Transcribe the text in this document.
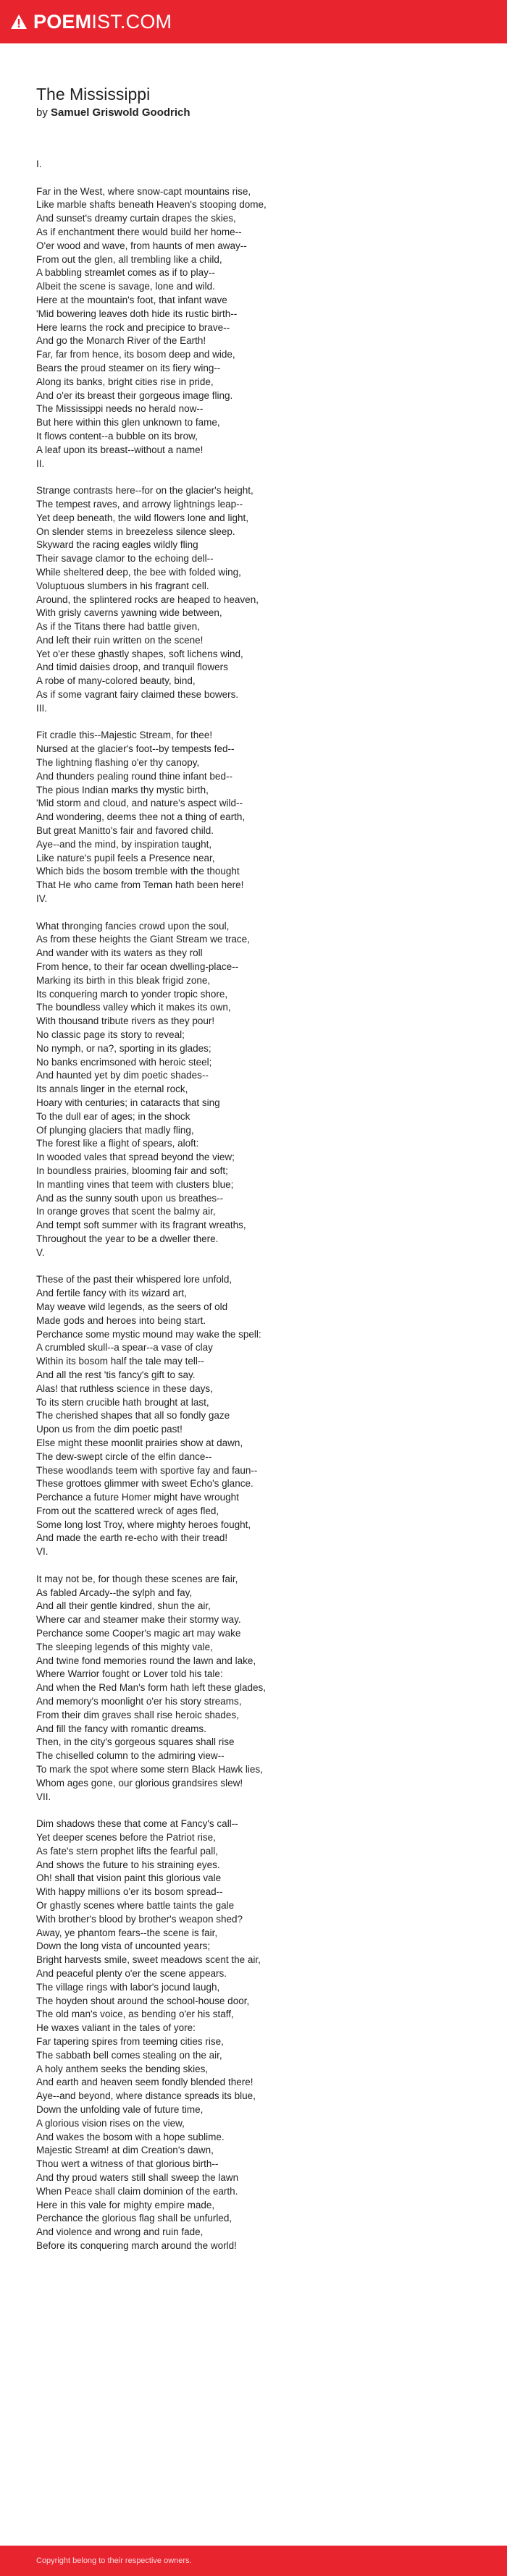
POEMIST.COM
The Mississippi
by Samuel Griswold Goodrich
I.
Far in the West, where snow-capt mountains rise,
Like marble shafts beneath Heaven's stooping dome,
And sunset's dreamy curtain drapes the skies,
As if enchantment there would build her home--
O'er wood and wave, from haunts of men away--
From out the glen, all trembling like a child,
A babbling streamlet comes as if to play--
Albeit the scene is savage, lone and wild.
Here at the mountain's foot, that infant wave
'Mid bowering leaves doth hide its rustic birth--
Here learns the rock and precipice to brave--
And go the Monarch River of the Earth!
Far, far from hence, its bosom deep and wide,
Bears the proud steamer on its fiery wing--
Along its banks, bright cities rise in pride,
And o'er its breast their gorgeous image fling.
The Mississippi needs no herald now--
But here within this glen unknown to fame,
It flows content--a bubble on its brow,
A leaf upon its breast--without a name!
II.
Strange contrasts here--for on the glacier's height,
The tempest raves, and arrowy lightnings leap--
Yet deep beneath, the wild flowers lone and light,
On slender stems in breezeless silence sleep.
Skyward the racing eagles wildly fling
Their savage clamor to the echoing dell--
While sheltered deep, the bee with folded wing,
Voluptuous slumbers in his fragrant cell.
Around, the splintered rocks are heaped to heaven,
With grisly caverns yawning wide between,
As if the Titans there had battle given,
And left their ruin written on the scene!
Yet o'er these ghastly shapes, soft lichens wind,
And timid daisies droop, and tranquil flowers
A robe of many-colored beauty, bind,
As if some vagrant fairy claimed these bowers.
III.
Fit cradle this--Majestic Stream, for thee!
Nursed at the glacier's foot--by tempests fed--
The lightning flashing o'er thy canopy,
And thunders pealing round thine infant bed--
The pious Indian marks thy mystic birth,
'Mid storm and cloud, and nature's aspect wild--
And wondering, deems thee not a thing of earth,
But great Manitto's fair and favored child.
Aye--and the mind, by inspiration taught,
Like nature's pupil feels a Presence near,
Which bids the bosom tremble with the thought
That He who came from Teman hath been here!
IV.
What thronging fancies crowd upon the soul,
As from these heights the Giant Stream we trace,
And wander with its waters as they roll
From hence, to their far ocean dwelling-place--
Marking its birth in this bleak frigid zone,
Its conquering march to yonder tropic shore,
The boundless valley which it makes its own,
With thousand tribute rivers as they pour!
No classic page its story to reveal;
No nymph, or na?, sporting in its glades;
No banks encrimsoned with heroic steel;
And haunted yet by dim poetic shades--
Its annals linger in the eternal rock,
Hoary with centuries; in cataracts that sing
To the dull ear of ages; in the shock
Of plunging glaciers that madly fling,
The forest like a flight of spears, aloft:
In wooded vales that spread beyond the view;
In boundless prairies, blooming fair and soft;
In mantling vines that teem with clusters blue;
And as the sunny south upon us breathes--
In orange groves that scent the balmy air,
And tempt soft summer with its fragrant wreaths,
Throughout the year to be a dweller there.
V.
These of the past their whispered lore unfold,
And fertile fancy with its wizard art,
May weave wild legends, as the seers of old
Made gods and heroes into being start.
Perchance some mystic mound may wake the spell:
A crumbled skull--a spear--a vase of clay
Within its bosom half the tale may tell--
And all the rest 'tis fancy's gift to say.
Alas! that ruthless science in these days,
To its stern crucible hath brought at last,
The cherished shapes that all so fondly gaze
Upon us from the dim poetic past!
Else might these moonlit prairies show at dawn,
The dew-swept circle of the elfin dance--
These woodlands teem with sportive fay and faun--
These grottoes glimmer with sweet Echo's glance.
Perchance a future Homer might have wrought
From out the scattered wreck of ages fled,
Some long lost Troy, where mighty heroes fought,
And made the earth re-echo with their tread!
VI.
It may not be, for though these scenes are fair,
As fabled Arcady--the sylph and fay,
And all their gentle kindred, shun the air,
Where car and steamer make their stormy way.
Perchance some Cooper's magic art may wake
The sleeping legends of this mighty vale,
And twine fond memories round the lawn and lake,
Where Warrior fought or Lover told his tale:
And when the Red Man's form hath left these glades,
And memory's moonlight o'er his story streams,
From their dim graves shall rise heroic shades,
And fill the fancy with romantic dreams.
Then, in the city's gorgeous squares shall rise
The chiselled column to the admiring view--
To mark the spot where some stern Black Hawk lies,
Whom ages gone, our glorious grandsires slew!
VII.
Dim shadows these that come at Fancy's call--
Yet deeper scenes before the Patriot rise,
As fate's stern prophet lifts the fearful pall,
And shows the future to his straining eyes.
Oh! shall that vision paint this glorious vale
With happy millions o'er its bosom spread--
Or ghastly scenes where battle taints the gale
With brother's blood by brother's weapon shed?
Away, ye phantom fears--the scene is fair,
Down the long vista of uncounted years;
Bright harvests smile, sweet meadows scent the air,
And peaceful plenty o'er the scene appears.
The village rings with labor's jocund laugh,
The hoyden shout around the school-house door,
The old man's voice, as bending o'er his staff,
He waxes valiant in the tales of yore:
Far tapering spires from teeming cities rise,
The sabbath bell comes stealing on the air,
A holy anthem seeks the bending skies,
And earth and heaven seem fondly blended there!
Aye--and beyond, where distance spreads its blue,
Down the unfolding vale of future time,
A glorious vision rises on the view,
And wakes the bosom with a hope sublime.
Majestic Stream! at dim Creation's dawn,
Thou wert a witness of that glorious birth--
And thy proud waters still shall sweep the lawn
When Peace shall claim dominion of the earth.
Here in this vale for mighty empire made,
Perchance the glorious flag shall be unfurled,
And violence and wrong and ruin fade,
Before its conquering march around the world!
Copyright belong to their respective owners.
